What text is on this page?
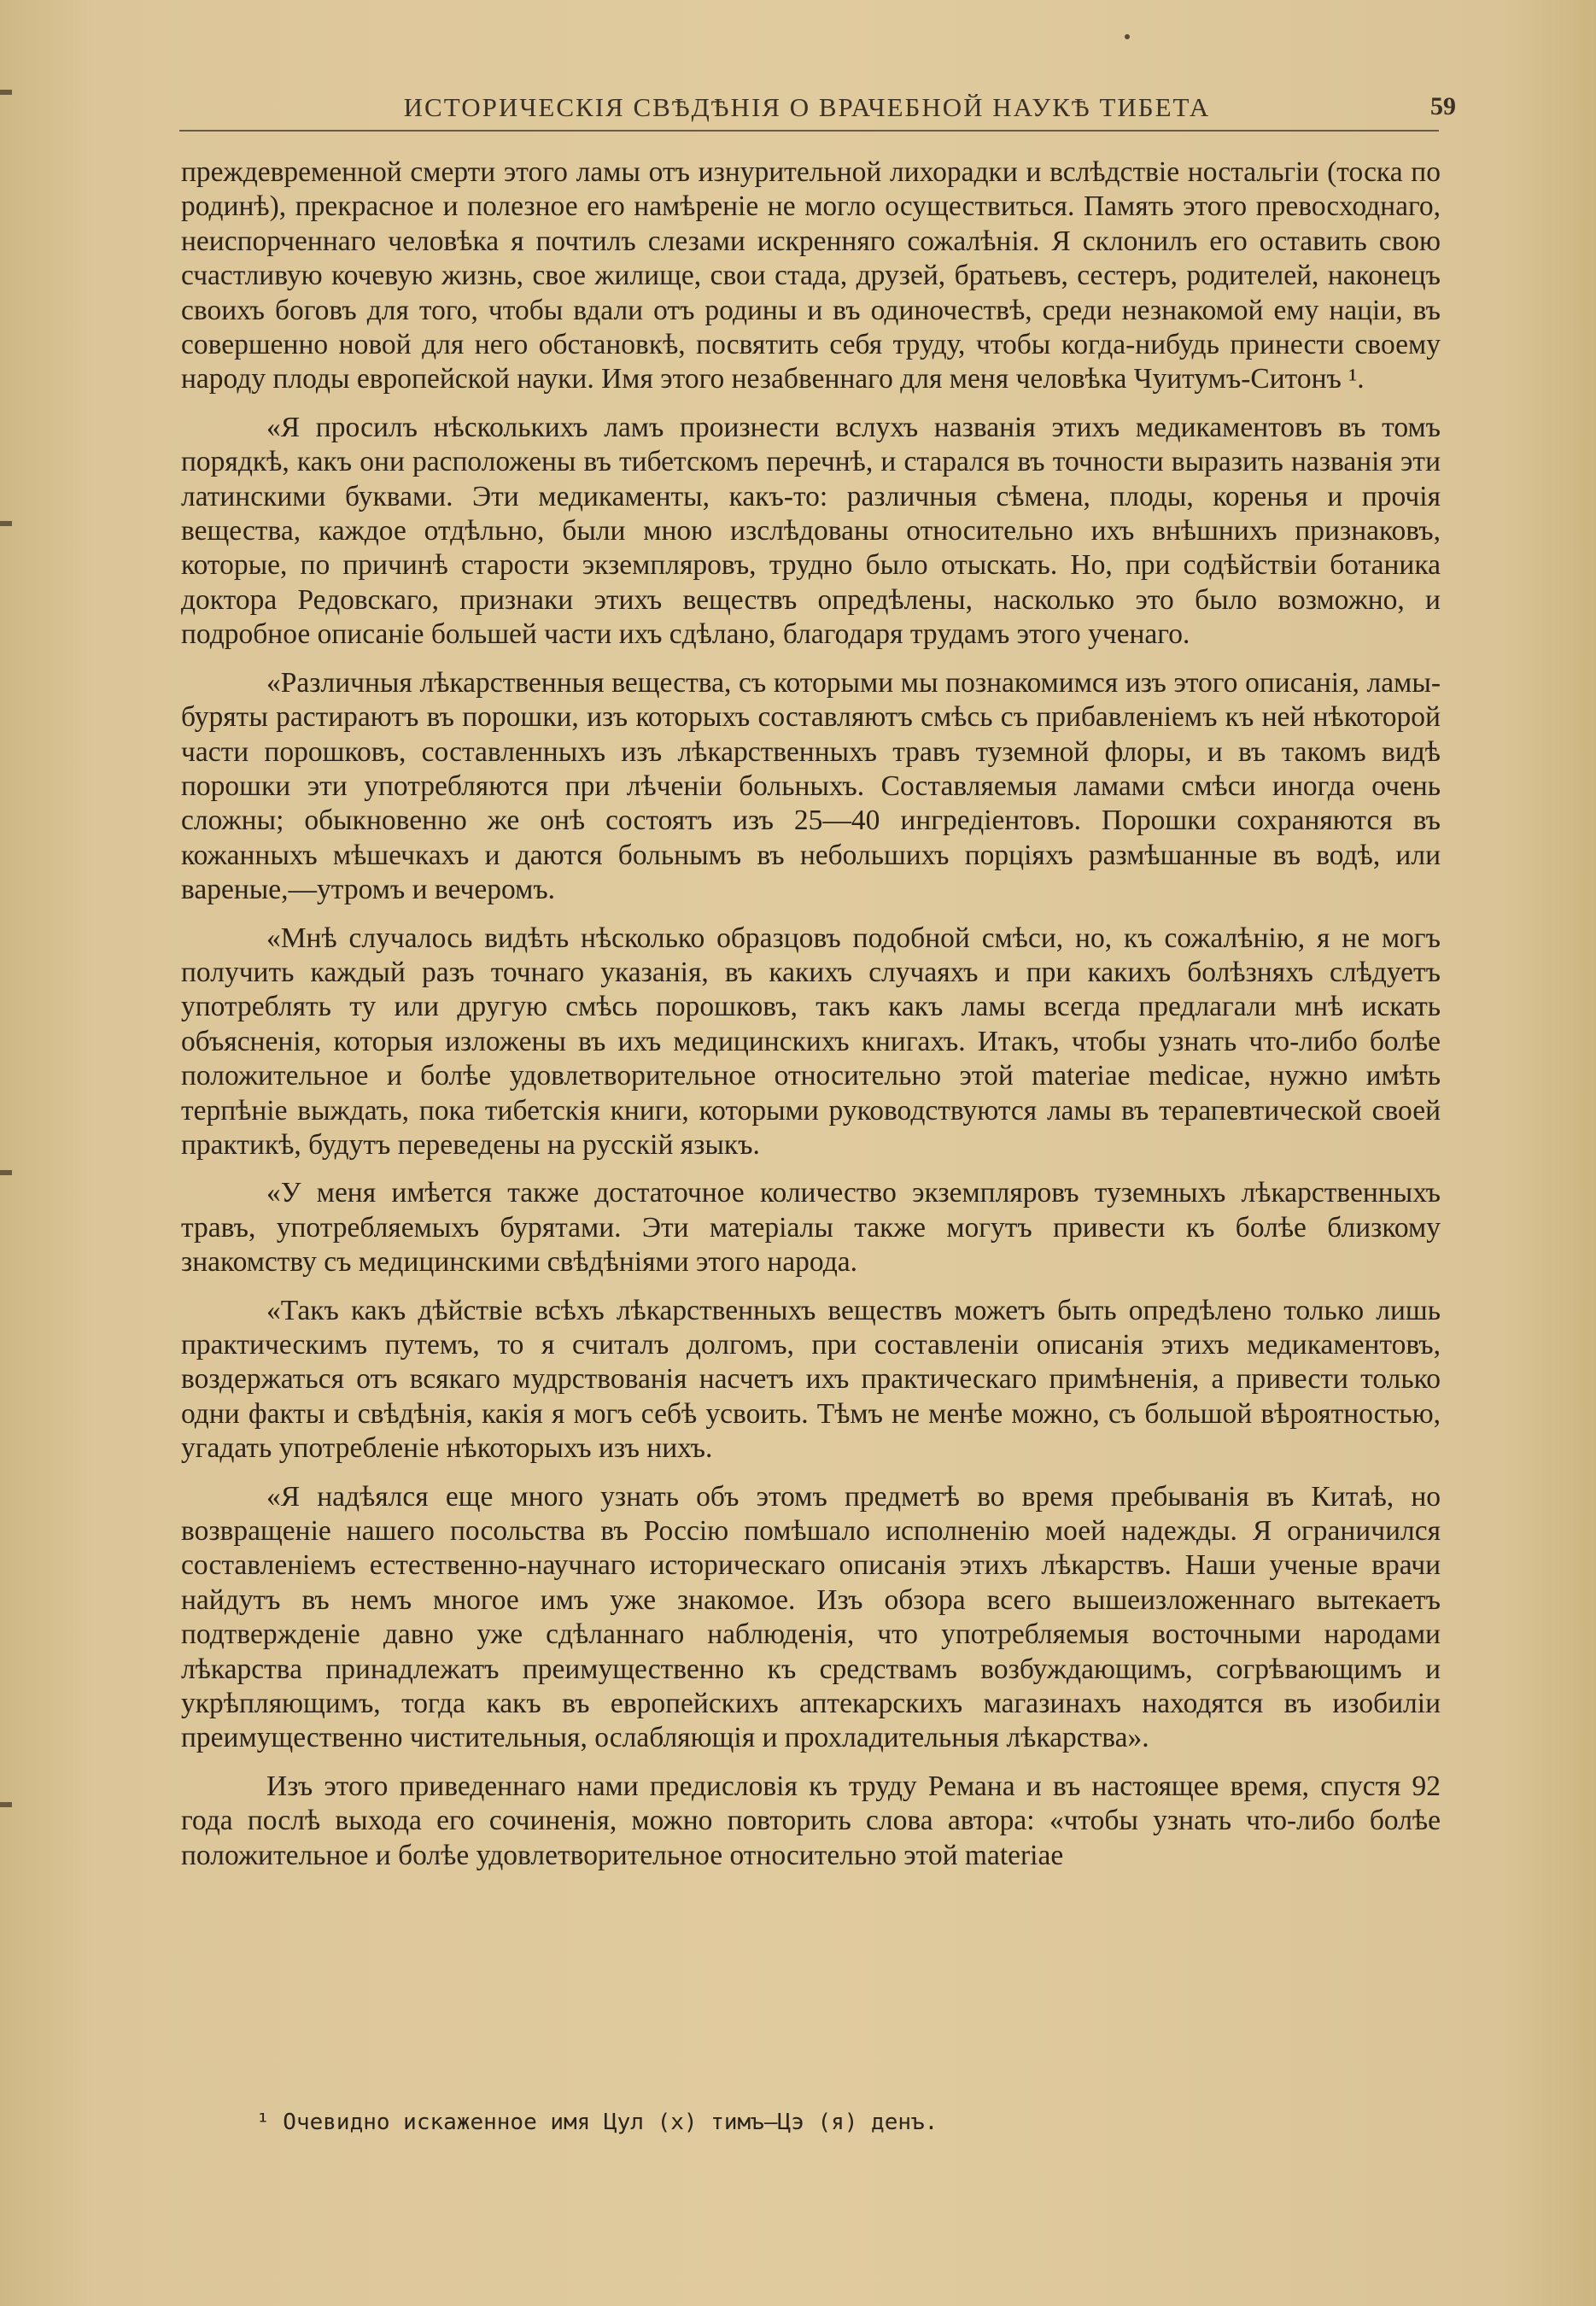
ИСТОРИЧЕСКІЯ СВѢДѢНІЯ О ВРАЧЕБНОЙ НАУКѢ ТИБЕТА	59

преждевременной смерти этого ламы отъ изнурительной лихорадки и вслѣдствіе ностальгіи (тоска по родинѣ), прекрасное и полезное его намѣреніе не могло осуществиться. Память этого превосходнаго, неиспорченнаго человѣка я почтилъ слезами искренняго сожалѣнія. Я склонилъ его оставить свою счастливую кочевую жизнь, свое жилище, свои стада, друзей, братьевъ, сестеръ, родителей, наконецъ своихъ боговъ для того, чтобы вдали отъ родины и въ одиночествѣ, среди незнакомой ему націи, въ совершенно новой для него обстановкѣ, посвятить себя труду, чтобы когда-нибудь принести своему народу плоды европейской науки. Имя этого незабвеннаго для меня человѣка Чуитумъ-Ситонъ ¹.

«Я просилъ нѣсколькихъ ламъ произнести вслухъ названія этихъ медикаментовъ въ томъ порядкѣ, какъ они расположены въ тибетскомъ перечнѣ, и старался въ точности выразить названія эти латинскими буквами. Эти медикаменты, какъ-то: различныя сѣмена, плоды, коренья и прочія вещества, каждое отдѣльно, были мною изслѣдованы относительно ихъ внѣшнихъ признаковъ, которые, по причинѣ старости экземпляровъ, трудно было отыскать. Но, при содѣйствіи ботаника доктора Редовскаго, признаки этихъ веществъ опредѣлены, насколько это было возможно, и подробное описаніе большей части ихъ сдѣлано, благодаря трудамъ этого ученаго.

«Различныя лѣкарственныя вещества, съ которыми мы познакомимся изъ этого описанія, ламы-буряты растираютъ въ порошки, изъ которыхъ составляютъ смѣсь съ прибавленіемъ къ ней нѣкоторой части порошковъ, составленныхъ изъ лѣкарственныхъ травъ туземной флоры, и въ такомъ видѣ порошки эти употребляются при лѣченіи больныхъ. Составляемыя ламами смѣси иногда очень сложны; обыкновенно же онѣ состоятъ изъ 25—40 ингредіентовъ. Порошки сохраняются въ кожанныхъ мѣшечкахъ и даются больнымъ въ небольшихъ порціяхъ размѣшанные въ водѣ, или вареные,—утромъ и вечеромъ.

«Мнѣ случалось видѣть нѣсколько образцовъ подобной смѣси, но, къ сожалѣнію, я не могъ получить каждый разъ точнаго указанія, въ какихъ случаяхъ и при какихъ болѣзняхъ слѣдуетъ употреблять ту или другую смѣсь порошковъ, такъ какъ ламы всегда предлагали мнѣ искать объясненія, которыя изложены въ ихъ медицинскихъ книгахъ. Итакъ, чтобы узнать что-либо болѣе положительное и болѣе удовлетворительное относительно этой materiae medicae, нужно имѣть терпѣніе выждать, пока тибетскія книги, которыми руководствуются ламы въ терапевтической своей практикѣ, будутъ переведены на русскій языкъ.

«У меня имѣется также достаточное количество экземпляровъ туземныхъ лѣкарственныхъ травъ, употребляемыхъ бурятами. Эти матеріалы также могутъ привести къ болѣе близкому знакомству съ медицинскими свѣдѣніями этого народа.

«Такъ какъ дѣйствіе всѣхъ лѣкарственныхъ веществъ можетъ быть опредѣлено только лишь практическимъ путемъ, то я считалъ долгомъ, при составленіи описанія этихъ медикаментовъ, воздержаться отъ всякаго мудрствованія насчетъ ихъ практическаго примѣненія, а привести только одни факты и свѣдѣнія, какія я могъ себѣ усвоить. Тѣмъ не менѣе можно, съ большой вѣроятностью, угадать употребленіе нѣкоторыхъ изъ нихъ.

«Я надѣялся еще много узнать объ этомъ предметѣ во время пребыванія въ Китаѣ, но возвращеніе нашего посольства въ Россію помѣшало исполненію моей надежды. Я ограничился составленіемъ естественно-научнаго историческаго описанія этихъ лѣкарствъ. Наши ученые врачи найдутъ въ немъ многое имъ уже знакомое. Изъ обзора всего вышеизложеннаго вытекаетъ подтвержденіе давно уже сдѣланнаго наблюденія, что употребляемыя восточными народами лѣкарства принадлежатъ преимущественно къ средствамъ возбуждающимъ, согрѣвающимъ и укрѣпляющимъ, тогда какъ въ европейскихъ аптекарскихъ магазинахъ находятся въ изобиліи преимущественно чистительныя, ослабляющія и прохладительныя лѣкарства».

Изъ этого приведеннаго нами предисловія къ труду Ремана и въ настоящее время, спустя 92 года послѣ выхода его сочиненія, можно повторить слова автора: «чтобы узнать что-либо болѣе положительное и болѣе удовлетворительное относительно этой materiae

¹ Очевидно искаженное имя Цул (х) тимъ—Цэ (я) денъ.
